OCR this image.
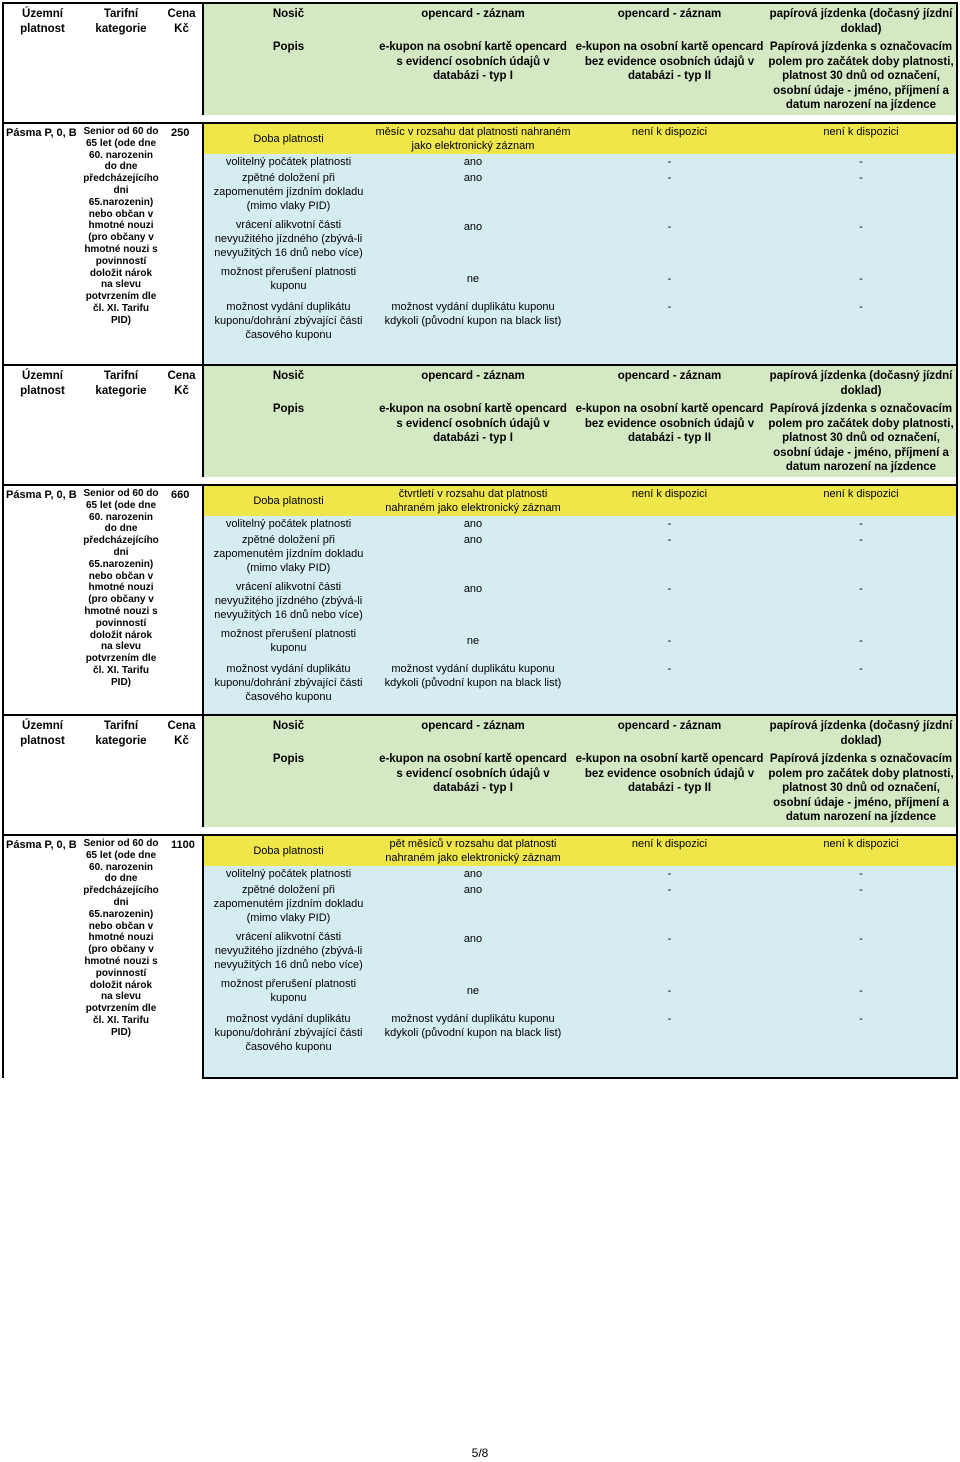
Územní platnost	Tarifní kategorie	Cena Kč	Nosič	opencard - záznam	opencard - záznam	papírová jízdenka (dočasný jízdní doklad)
			Popis	e-kupon na osobní kartě opencard s evidencí osobních údajů v databázi - typ I	e-kupon na osobní kartě opencard bez evidence osobních údajů v databázi - typ II	Papírová jízdenka s označovacím polem pro začátek doby platnosti, platnost 30 dnů od označení, osobní údaje - jméno, příjmení a datum narození na jízdence

Pásma P, 0, B	Senior od 60 do 65 let (ode dne 60. narozenin do dne předcházejícího dni 65.narozenin) nebo občan v hmotné nouzi (pro občany v hmotné nouzi s povinností doložit nárok na slevu potvrzením dle čl. XI. Tarifu PID)	250	Doba platnosti	měsíc v rozsahu dat platnosti nahraném jako elektronický záznam	není k dispozici	není k dispozici
			volitelný počátek platnosti	ano	-	-
			zpětné doložení při zapomenutém jízdním dokladu (mimo vlaky PID)	ano	-	-
			vrácení alikvotní části nevyužitého jízdného (zbývá-li nevyužitých 16 dnů nebo více)	ano	-	-
			možnost přerušení platnosti kuponu	ne	-	-
			možnost vydání duplikátu kuponu/dohrání zbývající části časového kuponu	možnost vydání duplikátu kuponu kdykoli (původní kupon na black list)	-	-
Územní platnost	Tarifní kategorie	Cena Kč	Nosič	opencard - záznam	opencard - záznam	papírová jízdenka (dočasný jízdní doklad)
			Popis	e-kupon na osobní kartě opencard s evidencí osobních údajů v databázi - typ I	e-kupon na osobní kartě opencard bez evidence osobních údajů v databázi - typ II	Papírová jízdenka s označovacím polem pro začátek doby platnosti, platnost 30 dnů od označení, osobní údaje - jméno, příjmení a datum narození na jízdence

Pásma P, 0, B	Senior od 60 do 65 let (ode dne 60. narozenin do dne předcházejícího dni 65.narozenin) nebo občan v hmotné nouzi (pro občany v hmotné nouzi s povinností doložit nárok na slevu potvrzením dle čl. XI. Tarifu PID)	660	Doba platnosti	čtvrtletí v rozsahu dat platnosti nahraném jako elektronický záznam	není k dispozici	není k dispozici
			volitelný počátek platnosti	ano	-	-
			zpětné doložení při zapomenutém jízdním dokladu (mimo vlaky PID)	ano	-	-
			vrácení alikvotní části nevyužitého jízdného (zbývá-li nevyužitých 16 dnů nebo více)	ano	-	-
			možnost přerušení platnosti kuponu	ne	-	-
			možnost vydání duplikátu kuponu/dohrání zbývající části časového kuponu	možnost vydání duplikátu kuponu kdykoli (původní kupon na black list)	-	-
Územní platnost	Tarifní kategorie	Cena Kč	Nosič	opencard - záznam	opencard - záznam	papírová jízdenka (dočasný jízdní doklad)
			Popis	e-kupon na osobní kartě opencard s evidencí osobních údajů v databázi - typ I	e-kupon na osobní kartě opencard bez evidence osobních údajů v databázi - typ II	Papírová jízdenka s označovacím polem pro začátek doby platnosti, platnost 30 dnů od označení, osobní údaje - jméno, příjmení a datum narození na jízdence

Pásma P, 0, B	Senior od 60 do 65 let (ode dne 60. narozenin do dne předcházejícího dni 65.narozenin) nebo občan v hmotné nouzi (pro občany v hmotné nouzi s povinností doložit nárok na slevu potvrzením dle čl. XI. Tarifu PID)	1100	Doba platnosti	pět měsíců v rozsahu dat platnosti nahraném jako elektronický záznam	není k dispozici	není k dispozici
			volitelný počátek platnosti	ano	-	-
			zpětné doložení při zapomenutém jízdním dokladu (mimo vlaky PID)	ano	-	-
			vrácení alikvotní části nevyužitého jízdného (zbývá-li nevyužitých 16 dnů nebo více)	ano	-	-
			možnost přerušení platnosti kuponu	ne	-	-
			možnost vydání duplikátu kuponu/dohrání zbývající části časového kuponu	možnost vydání duplikátu kuponu kdykoli (původní kupon na black list)	-	-
5/8
